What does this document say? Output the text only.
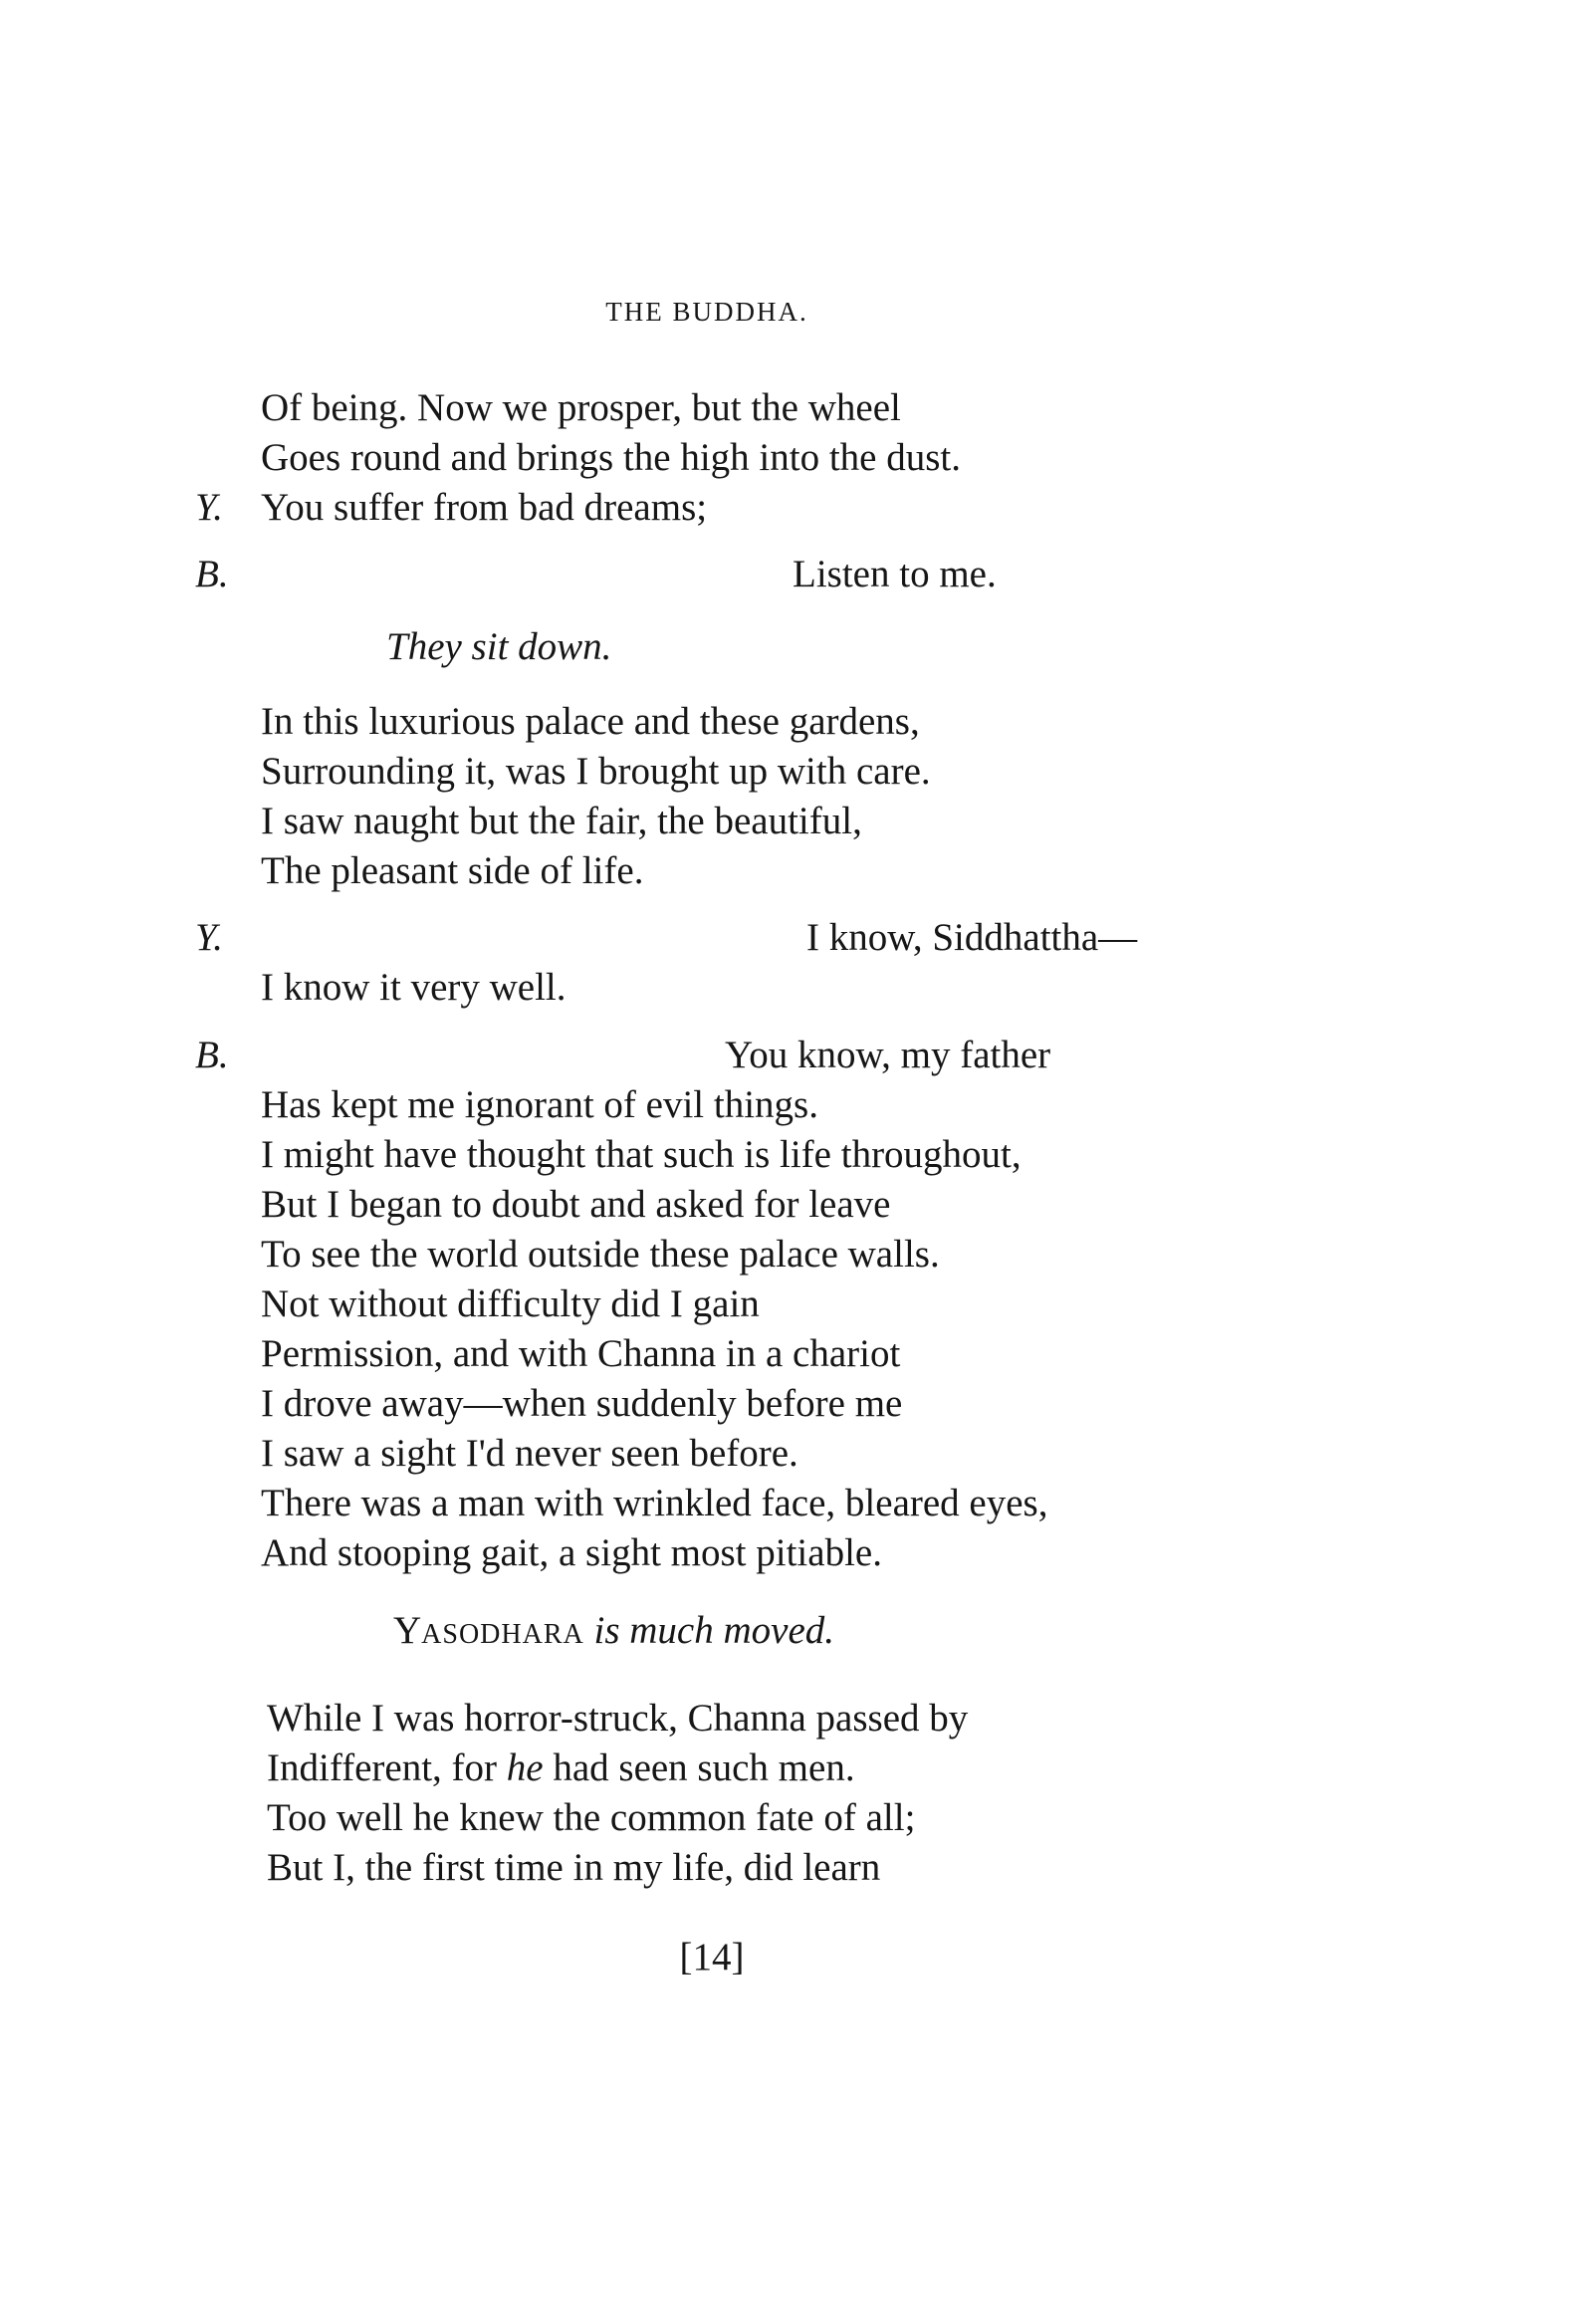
THE BUDDHA.
Of being. Now we prosper, but the wheel
Goes round and brings the high into the dust.
Y. You suffer from bad dreams;
B.	Listen to me.
They sit down.
In this luxurious palace and these gardens,
Surrounding it, was I brought up with care.
I saw naught but the fair, the beautiful,
The pleasant side of life.
Y.	I know, Siddhattha—
I know it very well.
B.	You know, my father
Has kept me ignorant of evil things.
I might have thought that such is life throughout,
But I began to doubt and asked for leave
To see the world outside these palace walls.
Not without difficulty did I gain
Permission, and with Channa in a chariot
I drove away—when suddenly before me
I saw a sight I'd never seen before.
There was a man with wrinkled face, bleared eyes,
And stooping gait, a sight most pitiable.
YASODHARA is much moved.
While I was horror-struck, Channa passed by
Indifferent, for he had seen such men.
Too well he knew the common fate of all;
But I, the first time in my life, did learn
[14]
